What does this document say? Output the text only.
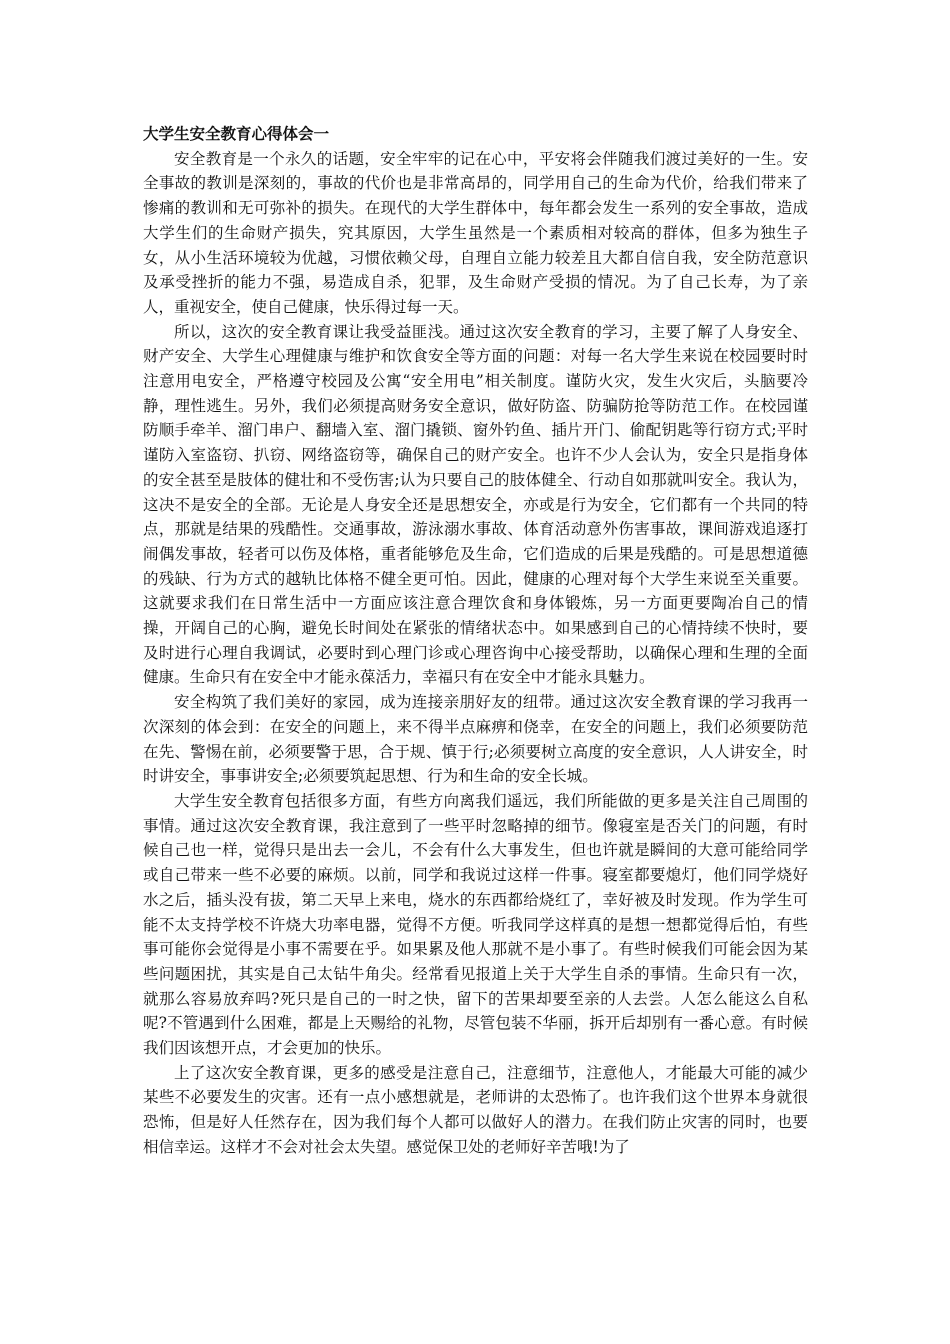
大学生安全教育心得体会一

安全教育是一个永久的话题，安全牢牢的记在心中，平安将会伴随我们渡过美好的一生。安全事故的教训是深刻的，事故的代价也是非常高昂的，同学用自己的生命为代价，给我们带来了惨痛的教训和无可弥补的损失。在现代的大学生群体中，每年都会发生一系列的安全事故，造成大学生们的生命财产损失，究其原因，大学生虽然是一个素质相对较高的群体，但多为独生子女，从小生活环境较为优越，习惯依赖父母，自理自立能力较差且大都自信自我，安全防范意识及承受挫折的能力不强，易造成自杀，犯罪，及生命财产受损的情况。为了自己长寿，为了亲人，重视安全，使自己健康，快乐得过每一天。

所以，这次的安全教育课让我受益匪浅。通过这次安全教育的学习，主要了解了人身安全、财产安全、大学生心理健康与维护和饮食安全等方面的问题：对每一名大学生来说在校园要时时注意用电安全，严格遵守校园及公寓“安全用电”相关制度。谨防火灾，发生火灾后，头脑要冷静，理性逃生。另外，我们必须提高财务安全意识，做好防盗、防骗防抢等防范工作。在校园谨防顺手牵羊、溜门串户、翻墙入室、溜门撬锁、窗外钓鱼、插片开门、偷配钥匙等行窃方式;平时谨防入室盗窃、扒窃、网络盗窃等，确保自己的财产安全。也许不少人会认为，安全只是指身体的安全甚至是肢体的健壮和不受伤害;认为只要自己的肢体健全、行动自如那就叫安全。我认为，这决不是安全的全部。无论是人身安全还是思想安全，亦或是行为安全，它们都有一个共同的特点，那就是结果的残酷性。交通事故，游泳溺水事故、体育活动意外伤害事故，课间游戏追逐打闹偶发事故，轻者可以伤及体格，重者能够危及生命，它们造成的后果是残酷的。可是思想道德的残缺、行为方式的越轨比体格不健全更可怕。因此，健康的心理对每个大学生来说至关重要。这就要求我们在日常生活中一方面应该注意合理饮食和身体锻炼，另一方面更要陶冶自己的情操，开阔自己的心胸，避免长时间处在紧张的情绪状态中。如果感到自己的心情持续不快时，要及时进行心理自我调试，必要时到心理门诊或心理咨询中心接受帮助，以确保心理和生理的全面健康。生命只有在安全中才能永葆活力，幸福只有在安全中才能永具魅力。

安全构筑了我们美好的家园，成为连接亲朋好友的纽带。通过这次安全教育课的学习我再一次深刻的体会到：在安全的问题上，来不得半点麻痹和侥幸，在安全的问题上，我们必须要防范在先、警惕在前，必须要警于思，合于规、慎于行;必须要树立高度的安全意识，人人讲安全，时时讲安全，事事讲安全;必须要筑起思想、行为和生命的安全长城。

大学生安全教育包括很多方面，有些方向离我们遥远，我们所能做的更多是关注自己周围的事情。通过这次安全教育课，我注意到了一些平时忽略掉的细节。像寝室是否关门的问题，有时候自己也一样，觉得只是出去一会儿，不会有什么大事发生，但也许就是瞬间的大意可能给同学或自己带来一些不必要的麻烦。以前，同学和我说过这样一件事。寝室都要熄灯，他们同学烧好水之后，插头没有拔，第二天早上来电，烧水的东西都给烧红了，幸好被及时发现。作为学生可能不太支持学校不许烧大功率电器，觉得不方便。听我同学这样真的是想一想都觉得后怕，有些事可能你会觉得是小事不需要在乎。如果累及他人那就不是小事了。有些时候我们可能会因为某些问题困扰，其实是自己太钻牛角尖。经常看见报道上关于大学生自杀的事情。生命只有一次，就那么容易放弃吗?死只是自己的一时之快，留下的苦果却要至亲的人去尝。人怎么能这么自私呢?不管遇到什么困难，都是上天赐给的礼物，尽管包装不华丽，拆开后却别有一番心意。有时候我们因该想开点，才会更加的快乐。

上了这次安全教育课，更多的感受是注意自己，注意细节，注意他人，才能最大可能的减少某些不必要发生的灾害。还有一点小感想就是，老师讲的太恐怖了。也许我们这个世界本身就很恐怖，但是好人任然存在，因为我们每个人都可以做好人的潜力。在我们防止灾害的同时，也要相信幸运。这样才不会对社会太失望。感觉保卫处的老师好辛苦哦!为了
